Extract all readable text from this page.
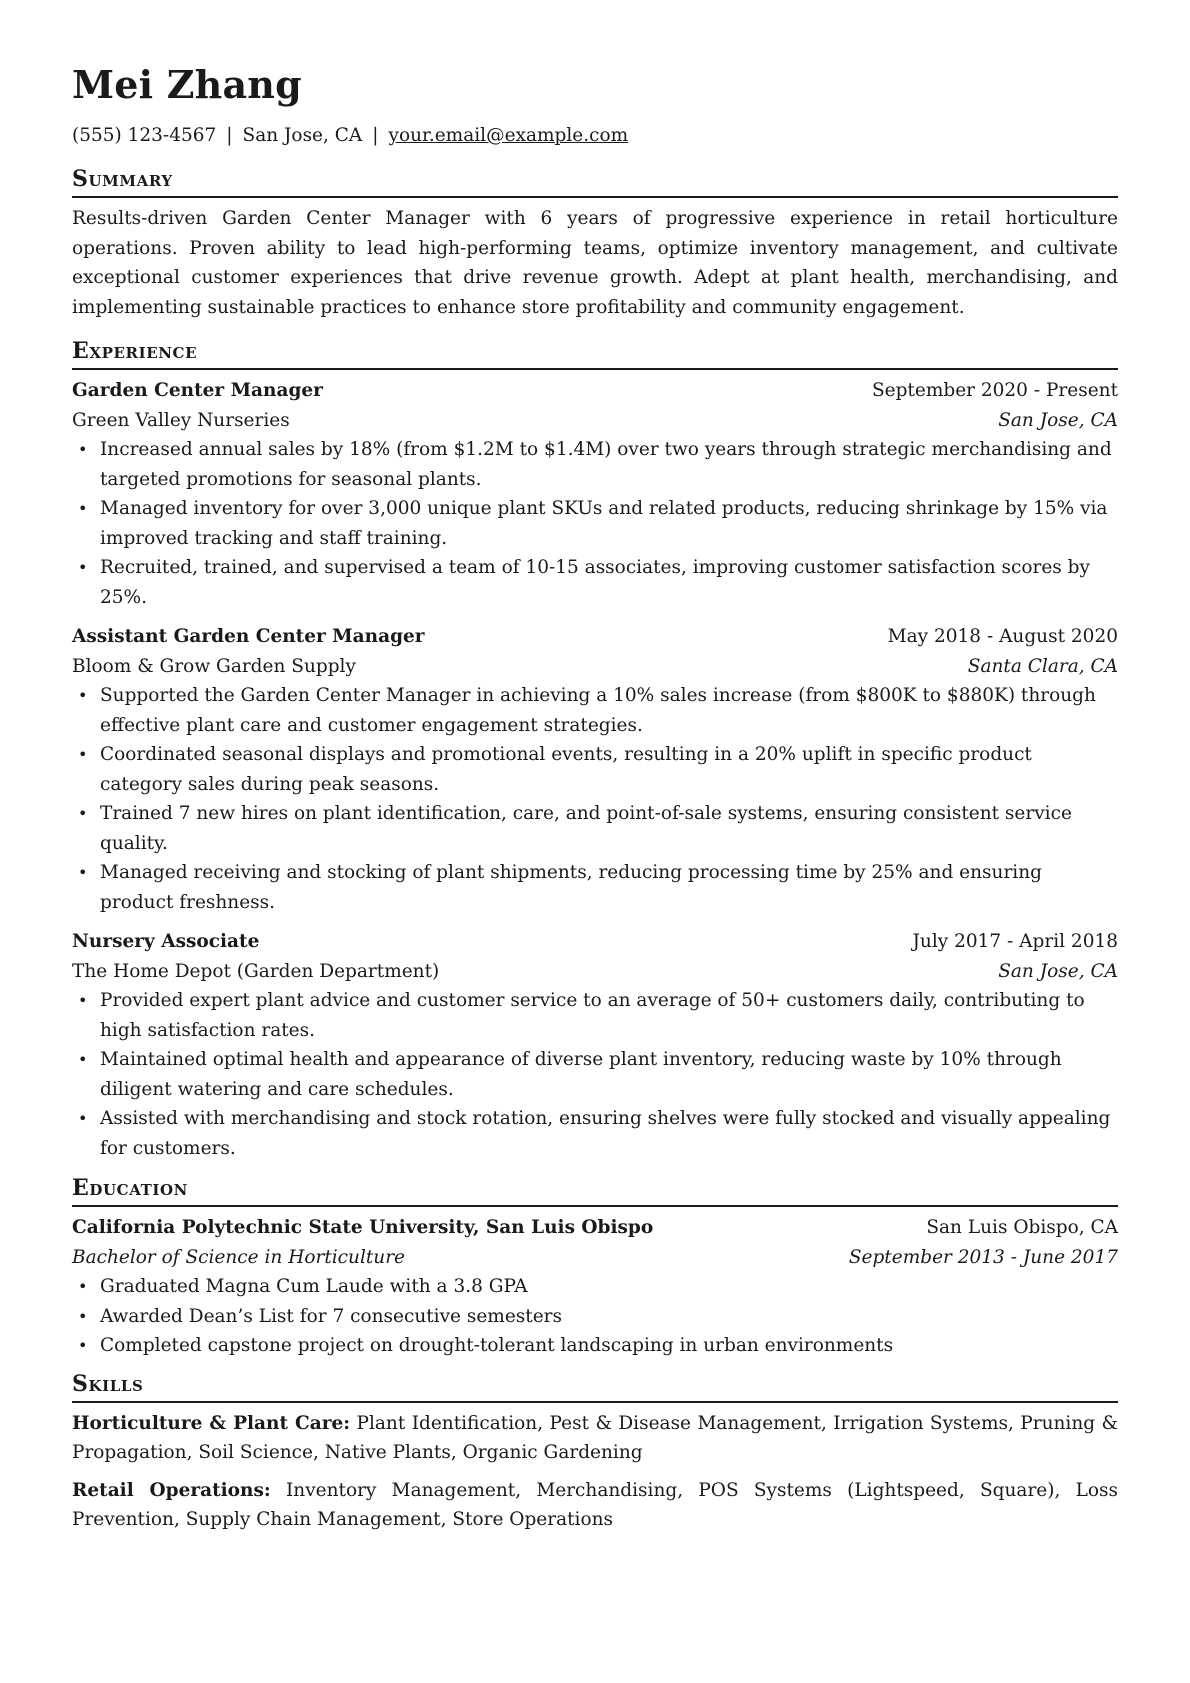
Mei Zhang
(555) 123-4567 | San Jose, CA | your.email@example.com
Summary
Results-driven Garden Center Manager with 6 years of progressive experience in retail horticulture operations. Proven ability to lead high-performing teams, optimize inventory management, and cultivate exceptional customer experiences that drive revenue growth. Adept at plant health, merchandising, and implementing sustainable practices to enhance store profitability and community engagement.
Experience
Garden Center Manager	September 2020 - Present
Green Valley Nurseries	San Jose, CA
• Increased annual sales by 18% (from $1.2M to $1.4M) over two years through strategic merchandising and targeted promotions for seasonal plants.
• Managed inventory for over 3,000 unique plant SKUs and related products, reducing shrinkage by 15% via improved tracking and staff training.
• Recruited, trained, and supervised a team of 10-15 associates, improving customer satisfaction scores by 25%.
Assistant Garden Center Manager	May 2018 - August 2020
Bloom & Grow Garden Supply	Santa Clara, CA
• Supported the Garden Center Manager in achieving a 10% sales increase (from $800K to $880K) through effective plant care and customer engagement strategies.
• Coordinated seasonal displays and promotional events, resulting in a 20% uplift in specific product category sales during peak seasons.
• Trained 7 new hires on plant identification, care, and point-of-sale systems, ensuring consistent service quality.
• Managed receiving and stocking of plant shipments, reducing processing time by 25% and ensuring product freshness.
Nursery Associate	July 2017 - April 2018
The Home Depot (Garden Department)	San Jose, CA
• Provided expert plant advice and customer service to an average of 50+ customers daily, contributing to high satisfaction rates.
• Maintained optimal health and appearance of diverse plant inventory, reducing waste by 10% through diligent watering and care schedules.
• Assisted with merchandising and stock rotation, ensuring shelves were fully stocked and visually appealing for customers.
Education
California Polytechnic State University, San Luis Obispo	San Luis Obispo, CA
Bachelor of Science in Horticulture	September 2013 - June 2017
• Graduated Magna Cum Laude with a 3.8 GPA
• Awarded Dean’s List for 7 consecutive semesters
• Completed capstone project on drought-tolerant landscaping in urban environments
Skills
Horticulture & Plant Care: Plant Identification, Pest & Disease Management, Irrigation Systems, Pruning & Propagation, Soil Science, Native Plants, Organic Gardening
Retail Operations: Inventory Management, Merchandising, POS Systems (Lightspeed, Square), Loss Prevention, Supply Chain Management, Store Operations
